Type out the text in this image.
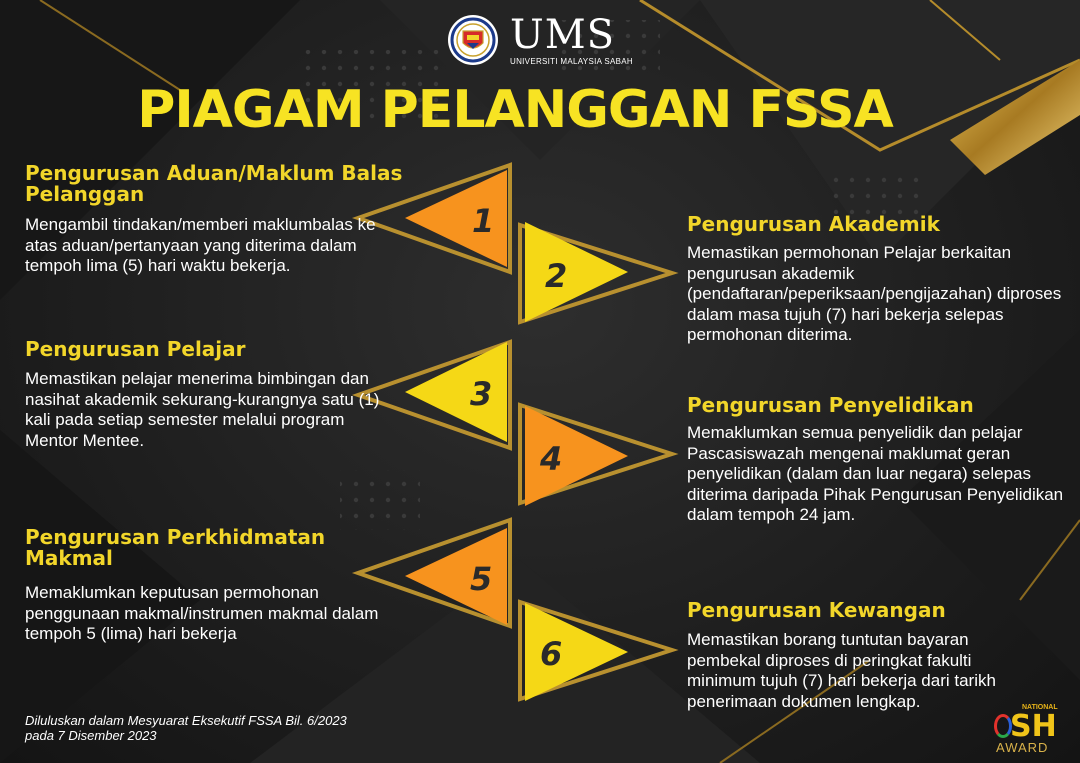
1
2
3
4
5
6
UMS
UNIVERSITI MALAYSIA SABAH
PIAGAM PELANGGAN FSSA
Pengurusan Aduan/Maklum Balas Pelanggan

Mengambil tindakan/memberi maklumbalas ke atas aduan/pertanyaan yang diterima dalam tempoh lima (5) hari waktu bekerja.

Pengurusan Akademik

Memastikan permohonan Pelajar berkaitan pengurusan akademik (pendaftaran/peperiksaan/pengijazahan) diproses dalam masa tujuh (7) hari bekerja selepas permohonan diterima.

Pengurusan Pelajar

Memastikan pelajar menerima bimbingan dan nasihat akademik sekurang-kurangnya satu (1) kali pada setiap semester melalui program Mentor Mentee.

Pengurusan Penyelidikan

Memaklumkan semua penyelidik dan pelajar Pascasiswazah mengenai maklumat geran penyelidikan (dalam dan luar negara) selepas diterima daripada Pihak Pengurusan Penyelidikan dalam tempoh 24 jam.

Pengurusan Perkhidmatan Makmal

Memaklumkan keputusan permohonan penggunaan makmal/instrumen makmal dalam tempoh 5 (lima) hari bekerja

Pengurusan Kewangan

Memastikan borang tuntutan bayaran pembekal diproses di peringkat fakulti minimum tujuh (7) hari bekerja dari tarikh penerimaan dokumen lengkap.

Diluluskan dalam Mesyuarat Eksekutif FSSA Bil. 6/2023
pada 7 Disember 2023
NATIONAL
SH
AWARD
